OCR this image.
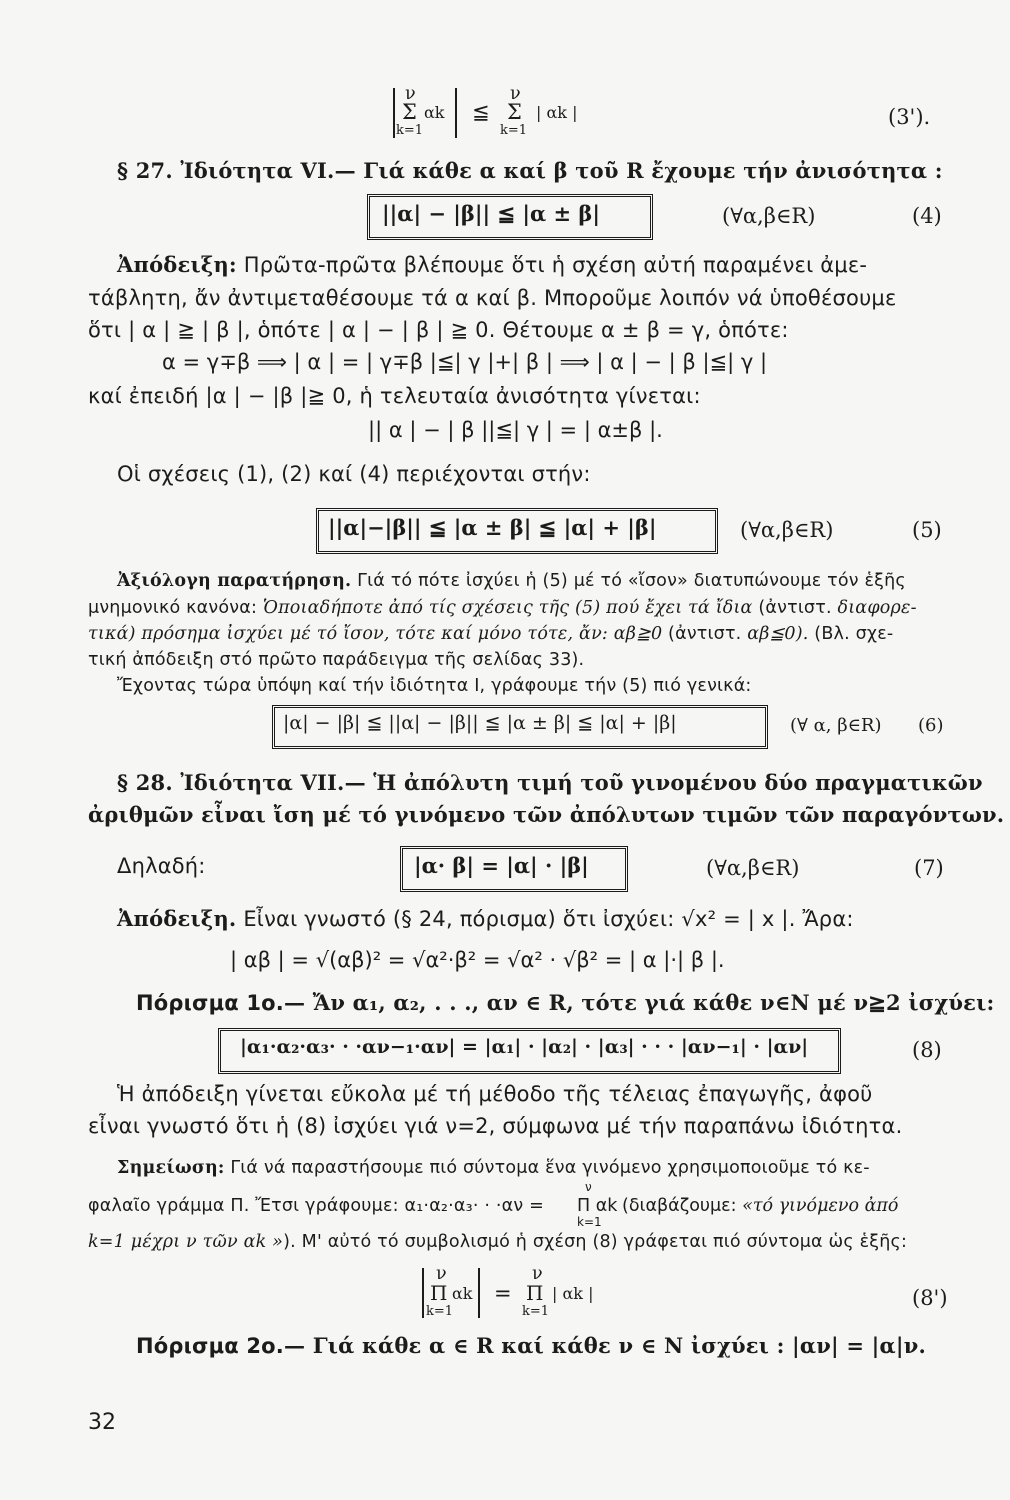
ν
Σ
k=1
αk ≦
ν
Σ
k=1
| αk |	(3').
§ 27. Ἰδιότητα VI.— Γιά κάθε α καί β τοῦ R ἔχουμε τήν ἀνισότητα :
||α| − |β|| ≦ |α ± β|	(∀α,β∈R)	(4)
Ἀπόδειξη: Πρῶτα-πρῶτα βλέπουμε ὅτι ἡ σχέση αὐτή παραμένει ἀμε-
τάβλητη, ἄν ἀντιμεταθέσουμε τά α καί β. Μποροῦμε λοιπόν νά ὑποθέσουμε
ὅτι | α | ≧ | β |, ὁπότε | α | − | β | ≧ 0. Θέτουμε α ± β = γ, ὁπότε:
α = γ∓β ⟹ | α | = | γ∓β |≦| γ |+| β | ⟹ | α | − | β |≦| γ |
καί ἐπειδή |α | − |β |≧ 0, ἡ τελευταία ἀνισότητα γίνεται:
|| α | − | β ||≦| γ | = | α±β |.
Οἱ σχέσεις (1), (2) καί (4) περιέχονται στήν:
||α|−|β|| ≦ |α ± β| ≦ |α| + |β|	(∀α,β∈R)	(5)
Ἀξιόλογη παρατήρηση. Γιά τό πότε ἰσχύει ἡ (5) μέ τό «ἴσον» διατυπώνουμε τόν ἑξῆς
μνημονικό κανόνα: Ὁποιαδήποτε ἀπό τίς σχέσεις τῆς (5) πού ἔχει τά ἴδια (ἀντιστ. διαφορε-
τικά) πρόσημα ἰσχύει μέ τό ἴσον, τότε καί μόνο τότε, ἄν: αβ≧0 (ἀντιστ. αβ≦0). (Βλ. σχε-
τική ἀπόδειξη στό πρῶτο παράδειγμα τῆς σελίδας 33).
Ἔχοντας τώρα ὑπόψη καί τήν ἰδιότητα I, γράφουμε τήν (5) πιό γενικά:
|α| − |β| ≦ ||α| − |β|| ≦ |α ± β| ≦ |α| + |β|	(∀ α, β∈R) (6)
§ 28. Ἰδιότητα VII.— Ἡ ἀπόλυτη τιμή τοῦ γινομένου δύο πραγματικῶν
ἀριθμῶν εἶναι ἴση μέ τό γινόμενο τῶν ἀπόλυτων τιμῶν τῶν παραγόντων.
Δηλαδή:	|α· β| = |α| · |β|	(∀α,β∈R)	(7)
Ἀπόδειξη. Εἶναι γνωστό (§ 24, πόρισμα) ὅτι ἰσχύει: √x² = | x |. Ἄρα:
| αβ | = √(αβ)² = √α²·β² = √α² · √β² = | α |·| β |.
Πόρισμα 1ο.— Ἄν α₁, α₂, . . ., αν ∈ R, τότε γιά κάθε ν∈N μέ ν≧2 ἰσχύει:
|α₁·α₂·α₃· · ·αν−₁·αν| = |α₁| · |α₂| · |α₃| · · · |αν−₁| · |αν|	(8)
Ἡ ἀπόδειξη γίνεται εὔκολα μέ τή μέθοδο τῆς τέλειας ἐπαγωγῆς, ἀφοῦ
εἶναι γνωστό ὅτι ἡ (8) ἰσχύει γιά ν=2, σύμφωνα μέ τήν παραπάνω ἰδιότητα.
Σημείωση: Γιά νά παραστήσουμε πιό σύντομα ἕνα γινόμενο χρησιμοποιοῦμε τό κε-
φαλαῖο γράμμα Π. Ἔτσι γράφουμε: α₁·α₂·α₃· · ·αν =
ν
Π αk
k=1
(διαβάζουμε: «τό γινόμενο ἀπό
k=1 μέχρι ν τῶν αk »). Μ' αὐτό τό συμβολισμό ἡ σχέση (8) γράφεται πιό σύντομα ὡς ἑξῆς:
ν
Π
k=1
αk =
ν
Π
k=1
| αk |	(8')
Πόρισμα 2ο.— Γιά κάθε α ∈ R καί κάθε ν ∈ N ἰσχύει : |αν| = |α|ν.
32
